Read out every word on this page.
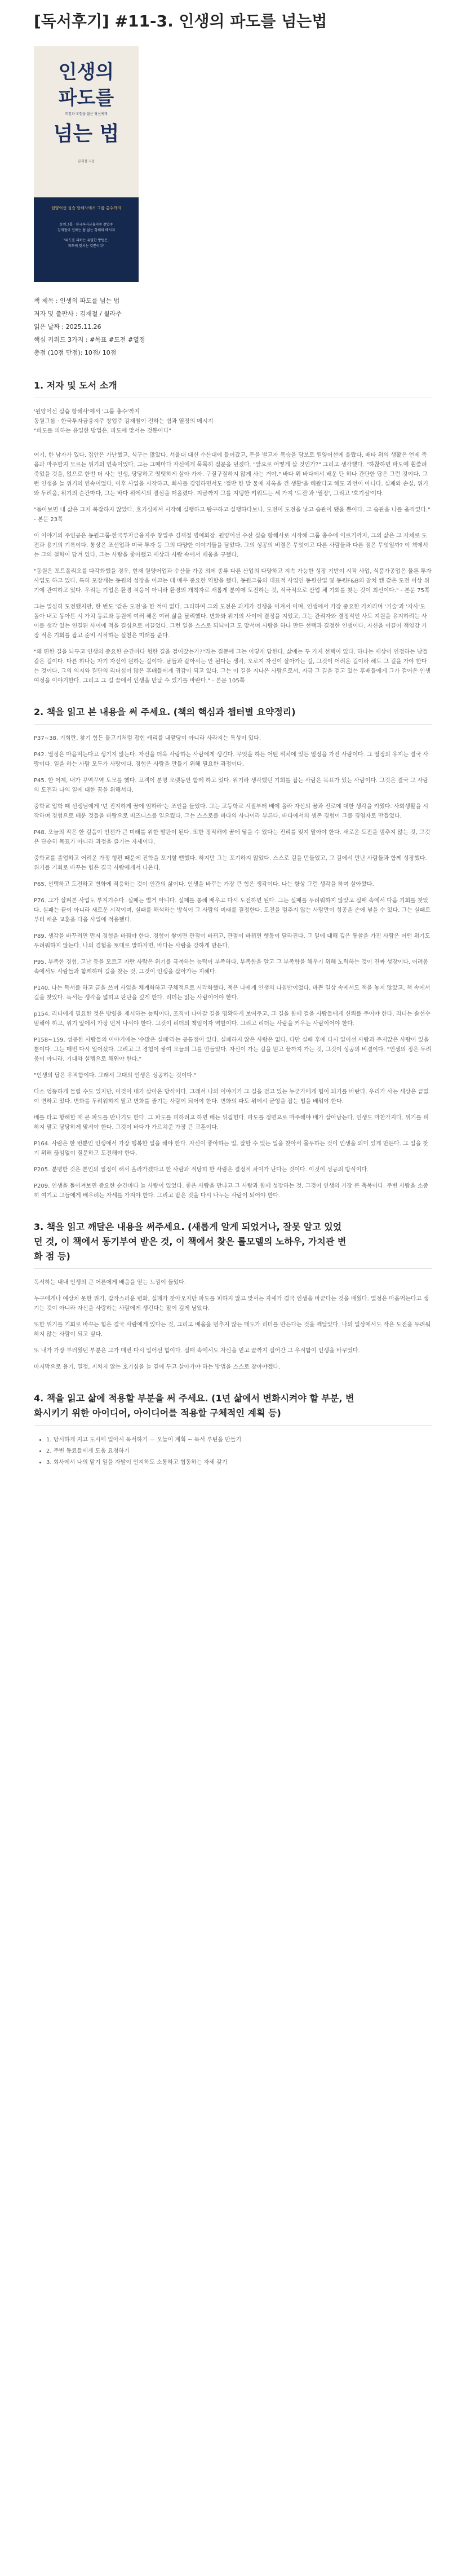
[독서후기] #11-3. 인생의 파도를 넘는법
인생의
파도를
도전과 모험을 많은 당신에게
넘는 법
김재철 지음
원양어선 실습 항해사에서 그룹 총수까지
동원그룹 · 한국투자금융지주 창업주
김재철이 전하는 쉼 없는 항해의 메시지
"파도를 피하는 유일한 방법은,
파도에 맞서는 것뿐이다"
책 제목 : 인생의 파도를 넘는 법
저자 및 출판사 : 김재철 / 윌라주
읽은 날짜 : 2025.11.26
핵심 키워드 3가지 : #목표 #도전 #열정
총점 (10점 만점): 10점/ 10점
1. 저자 및 도서 소개

'원양어선 실습 항해사'에서 '그룹 총수'까지

동원그룹 · 한국투자금융지주 창업주 김재철이 전하는 쉼과 열정의 메시지

"파도를 피하는 유일한 방법은, 파도에 맞서는 것뿐이다"

여기, 한 남자가 있다. 집안은 가난했고, 식구는 많았다. 서울대 대신 수산대에 들어갔고, 돈을 벌고자 목숨을 담보로 원양어선에 올랐다. 배타 위의 생활은 언제 죽음과 마주할지 모르는 위기의 연속이었다. 그는 그때마다 자신에게 묵묵히 질문을 던졌다. "앞으로 어떻게 살 것인가?" 그리고 생각했다. "하찮하면 파도에 휩쓸려 죽었을 것을, 없으로 한번 더 사는 인생, 당당하고 떳떳하게 살아 가자. 구질구질하지 않게 사는 거야." 바다 위 바다에서 배운 단 하나 간단한 답은 그런 것이다. 그런 인생을 늘 위기의 연속이었다. 이후 사업을 시작하고, 회사를 경영하면서도 '절반 한 발 물에 지옥을 건 생활'을 해왔다고 해도 과언이 아니다. 실패와 손실, 위기와 두려움, 위기의 순간마다, 그는 바다 위에서의 결심을 떠올렸다. 지금까지 그를 지탱한 키워드는 세 가지 '도전'과 '열정', 그리고 '호기심'이다.

"돌아보면 내 삶은 그저 복잡하지 않았다. 호기심에서 시작해 실행하고 탐구하고 실행하다보니, 도전이 도전을 낳고 습관이 됐을 뿐이다. 그 습관을 나를 움직였다." - 본문 23쪽

이 이야기의 주인공은 동원그룹·한국투자금융지주 창업주 김재철 명예회장. 원양어선 수산 실습 항해사로 시작해 그룹 총수에 이르기까지, 그의 삶은 그 자체로 도전과 용기의 기록이다. 통상은 조선업과 미국 투자 등 그의 다양한 이야기들을 담았다. 그의 성공의 비결은 무엇이고 다른 사람들과 다른 점은 무엇일까? 이 책에서는 그의 철학이 담겨 있다. 그는 사람을 좋아했고 세상과 사람 속에서 배움을 구했다.

"동원은 포트폴리오를 다각화했을 경우, 현재 원양어업과 수산물 가공 외에 종류 다른 산업의 다양하고 지속 가능한 성장 기반이 시작 사업, 식품가공업은 물론 투자 사업도 하고 있다. 특히 포장재는 동원의 성장을 이끄는 데 매우 중요한 역할을 했다. 동원그룹의 대표적 사업인 동원산업 및 동원F&B의 참치 캔 같은 도전 이상 위기에 관여하고 있다. 우리는 기업은 환경 적응이 아니라 환경의 개척자로 새롭게 분야에 도전하는 것, 적극적으로 산업 체 기회를 찾는 것이 최선이다." - 본문 75쪽

그는 열심히 도전했지만, 한 번도 '같은 도전'을 한 적이 없다. 그리하여 그의 도전은 과제가 경쟁을 이겨서 이며, 인생에서 가장 중요한 가치라며 '기술'과 '자사'도 돌아 내고 동아뜬 시 가치 동료와 동원에 여러 해온 여러 삶을 달리했다. 변화와 위기의 사이에 결정을 지었고, 그는 관리자와 결정적인 사도 지원을 유지하려는 사이를 생각 있는 연결된 사이에 적을 결심으로 이끌었다. 그런 일을 스스로 되뇌이고 도 맞서며 사람을 하나 만든 선택과 결정한 인생이다. 자신을 이끌어 책임감 가장 적은 기회를 잡고 준비 시작하는 실천은 미래를 준다.

"왜 편한 길을 놔두고 인생의 중요한 순간마다 험한 길을 걸어갔는가?"라는 질문에 그는 이렇게 답한다. 삶에는 두 가지 선택이 있다. 하나는 세상이 인정하는 남들 같은 길이다. 다른 하나는 자기 자신이 원하는 길이다. 남들과 같아서는 안 된다는 생각, 오로지 자신이 살아가는 길, 그것이 어려운 길이라 해도 그 길을 가야 한다는 것이다. 그의 의지와 결단의 리더십이 많은 후배들에게 귀감이 되고 있다. 그는 이 길을 지나온 사람으로서, 지금 그 길을 걷고 있는 후배들에게 그가 걸어온 인생 여정을 이야기한다. 그리고 그 길 끝에서 인생을 만날 수 있기를 바란다." - 본문 105쪽

2. 책을 읽고 본 내용을 써 주세요. (책의 핵심과 챕터별 요약정리)

P37~38. 기회란, 찾기 힘든 물고기처럼 잡힌 캐리를 내맡당이 아니라 사라지는 특성이 있다.

P42. 열정은 마음먹는다고 생기지 않는다. 자신을 더욱 사랑하는 사람에게 생긴다. 무엇을 하든 어떤 위치에 있든 열정을 가진 사람이다. 그 열정의 유지는 결국 사랑이다. 일을 하는 사람 모두가 사랑이다. 경험은 사람을 만들기 위해 필요한 과정이다.

P45. 한 어제, 내가 꾸역꾸역 도모를 했다. 고객이 분명 오랫동안 함께 하고 있다. 위기라 생각했던 기회를 잡는 사람은 목표가 있는 사람이다. 그것은 결국 그 사람의 도전과 나의 일에 대한 꿈을 위해서다.

중학교 입학 때 선생님에게 '넌 진지하게 꿈에 임하라'는 조언을 들었다. 그는 고등학교 시절부터 배에 올라 자신의 꿈과 진로에 대한 생각을 키웠다. 사회생활을 시작하며 경험으로 배운 것들을 바탕으로 비즈니스를 일으켰다. 그는 스스로를 바다의 사나이라 부른다. 바다에서의 생존 경험이 그를 경영자로 만들었다.

P48. 오늘의 작은 한 걸음이 언젠가 큰 미래를 위한 발판이 된다. 또한 정직해야 꿈에 닿을 수 있다는 진리를 잊지 말아야 한다. 새로운 도전을 멈추지 않는 것, 그것은 단순히 목표가 아니라 과정을 즐기는 자세이다.

중학교를 졸업하고 어려운 가정 형편 때문에 진학을 포기할 뻔했다. 하지만 그는 포기하지 않았다. 스스로 길을 만들었고, 그 길에서 만난 사람들과 함께 성장했다. 위기를 기회로 바꾸는 힘은 결국 사람에게서 나온다.

P65. 선택하고 도전하고 변화에 적응하는 것이 인간의 삶이다. 인생을 바꾸는 가장 큰 힘은 생각이다. 나는 항상 그런 생각을 하며 살아왔다.

P76. 그가 살펴본 사업도 부지기수다. 실패는 별거 아니다. 실패를 통해 배우고 다시 도전하면 된다. 그는 실패를 두려워하지 않았고 실패 속에서 다음 기회를 찾았다. 실패는 끝이 아니라 새로운 시작이며, 실패를 해석하는 방식이 그 사람의 미래를 결정한다. 도전을 멈추지 않는 사람만이 성공을 손에 넣을 수 있다. 그는 실패로부터 배운 교훈을 다음 사업에 적용했다.

P89. 생각을 바꾸려면 먼저 경험을 바꿔야 한다. 경험이 쌓이면 관점이 바뀌고, 관점이 바뀌면 행동이 달라진다. 그 일에 대해 깊은 통찰을 가진 사람은 어떤 위기도 두려워하지 않는다. 나의 경험을 토대로 말하자면, 바다는 사람을 강하게 만든다.

P95. 부족한 경험, 고난 등을 모르고 자란 사람은 위기를 극복하는 능력이 부족하다. 부족함을 알고 그 부족함을 채우기 위해 노력하는 것이 진짜 성장이다. 어려움 속에서도 사람들과 함께하며 길을 찾는 것, 그것이 인생을 살아가는 지혜다.

P140. 나는 독서를 하고 글을 쓰며 사업을 체계화하고 구체적으로 시각화했다. 책은 나에게 인생의 나침반이었다. 바쁜 일상 속에서도 책을 놓지 않았고, 책 속에서 길을 찾았다. 독서는 생각을 넓히고 판단을 깊게 한다. 리더는 읽는 사람이어야 한다.

p154. 리더에게 필요한 것은 방향을 제시하는 능력이다. 조직이 나아갈 길을 명확하게 보여주고, 그 길을 함께 걸을 사람들에게 신뢰를 주어야 한다. 리더는 솔선수범해야 하고, 위기 앞에서 가장 먼저 나서야 한다. 그것이 리더의 책임이자 역할이다. 그리고 리더는 사람을 키우는 사람이어야 한다.

P158~159. 성공한 사람들의 이야기에는 '수많은 실패'라는 공통점이 있다. 실패하지 않은 사람은 없다. 다만 실패 후에 다시 일어선 사람과 주저앉은 사람이 있을 뿐이다. 그는 매번 다시 일어섰다. 그리고 그 경험이 쌓여 오늘의 그를 만들었다. 자신이 가는 길을 믿고 끝까지 가는 것, 그것이 성공의 비결이다. "인생의 정은 두려움이 아니라, 기대와 설렘으로 채워야 한다."

"인생의 답은 우직함이다. 그래서 그대의 인생은 성공하는 것이다."

다소 엉뚱하게 들릴 수도 있지만, 이것이 내가 살아온 방식이다. 그래서 나의 이야기가 그 길을 걷고 있는 누군가에게 힘이 되기를 바란다. 우리가 사는 세상은 끝없이 변하고 있다. 변화를 두려워하지 말고 변화를 즐기는 사람이 되어야 한다. 변화의 파도 위에서 균형을 잡는 법을 배워야 한다.

배를 타고 항해할 때 큰 파도를 만나기도 한다. 그 파도를 피하려고 하면 배는 뒤집힌다. 파도를 정면으로 마주해야 배가 살아남는다. 인생도 마찬가지다. 위기를 피하지 말고 당당하게 맞서야 한다. 그것이 바다가 가르쳐준 가장 큰 교훈이다.

P164. 사람은 한 번뿐인 인생에서 가장 행복한 일을 해야 한다. 자신이 좋아하는 일, 잘할 수 있는 일을 찾아서 몰두하는 것이 인생을 의미 있게 만든다. 그 일을 찾기 위해 끊임없이 질문하고 도전해야 한다.

P205. 분명한 것은 본인의 열정이 해서 올라가겠다고 한 사람과 적당히 한 사람은 결정적 차이가 난다는 것이다. 이것이 성공의 방식이다.

P209. 인생을 돌이켜보면 중요한 순간마다 늘 사람이 있었다. 좋은 사람을 만나고 그 사람과 함께 성장하는 것, 그것이 인생의 가장 큰 축복이다. 주변 사람을 소중히 여기고 그들에게 배우려는 자세를 가져야 한다. 그리고 받은 것을 다시 나누는 사람이 되어야 한다.

3. 책을 읽고 깨달은 내용을 써주세요. (새롭게 알게 되었거나, 잘못 알고 있었
던 것, 이 책에서 동기부여 받은 것, 이 책에서 찾은 롤모델의 노하우, 가치관 변
화 점 등)

독서하는 내내 인생의 큰 어른에게 배움을 얻는 느낌이 들었다.

누구에게나 예상치 못한 위기, 갑작스러운 변화, 실패가 찾아오지만 파도를 피하지 않고 맞서는 자세가 결국 인생을 바꾼다는 것을 배웠다. 열정은 마음먹는다고 생기는 것이 아니라 자신을 사랑하는 사람에게 생긴다는 말이 깊게 남았다.

또한 위기를 기회로 바꾸는 힘은 결국 사람에게 있다는 것, 그리고 배움을 멈추지 않는 태도가 리더를 만든다는 것을 깨달았다. 나의 일상에서도 작은 도전을 두려워하지 않는 사람이 되고 싶다.

또 내가 가장 부러웠던 부분은 그가 매번 다시 일어선 힘이다. 실패 속에서도 자신을 믿고 끝까지 걸어간 그 우직함이 인생을 바꾸었다.

마지막으로 용기, 열정, 지치지 않는 호기심을 늘 곁에 두고 살아가야 하는 방법을 스스로 찾아야겠다.

4. 책을 읽고 삶에 적용할 부분을 써 주세요. (1년 삶에서 변화시켜야 할 부분, 변
화시키기 위한 아이디어, 아이디어를 적용할 구체적인 계획 등)
• 1. 당시하게 지고 도시에 일아시 독서하기 — 오늘이 계획 ~ 독서 루틴을 만들기
• 2. 주변 동료들에게 도움 요청하기
• 3. 회사에서 나의 맡기 일을 자발이 인지하도 소통하고 협동하는 자세 갖기
